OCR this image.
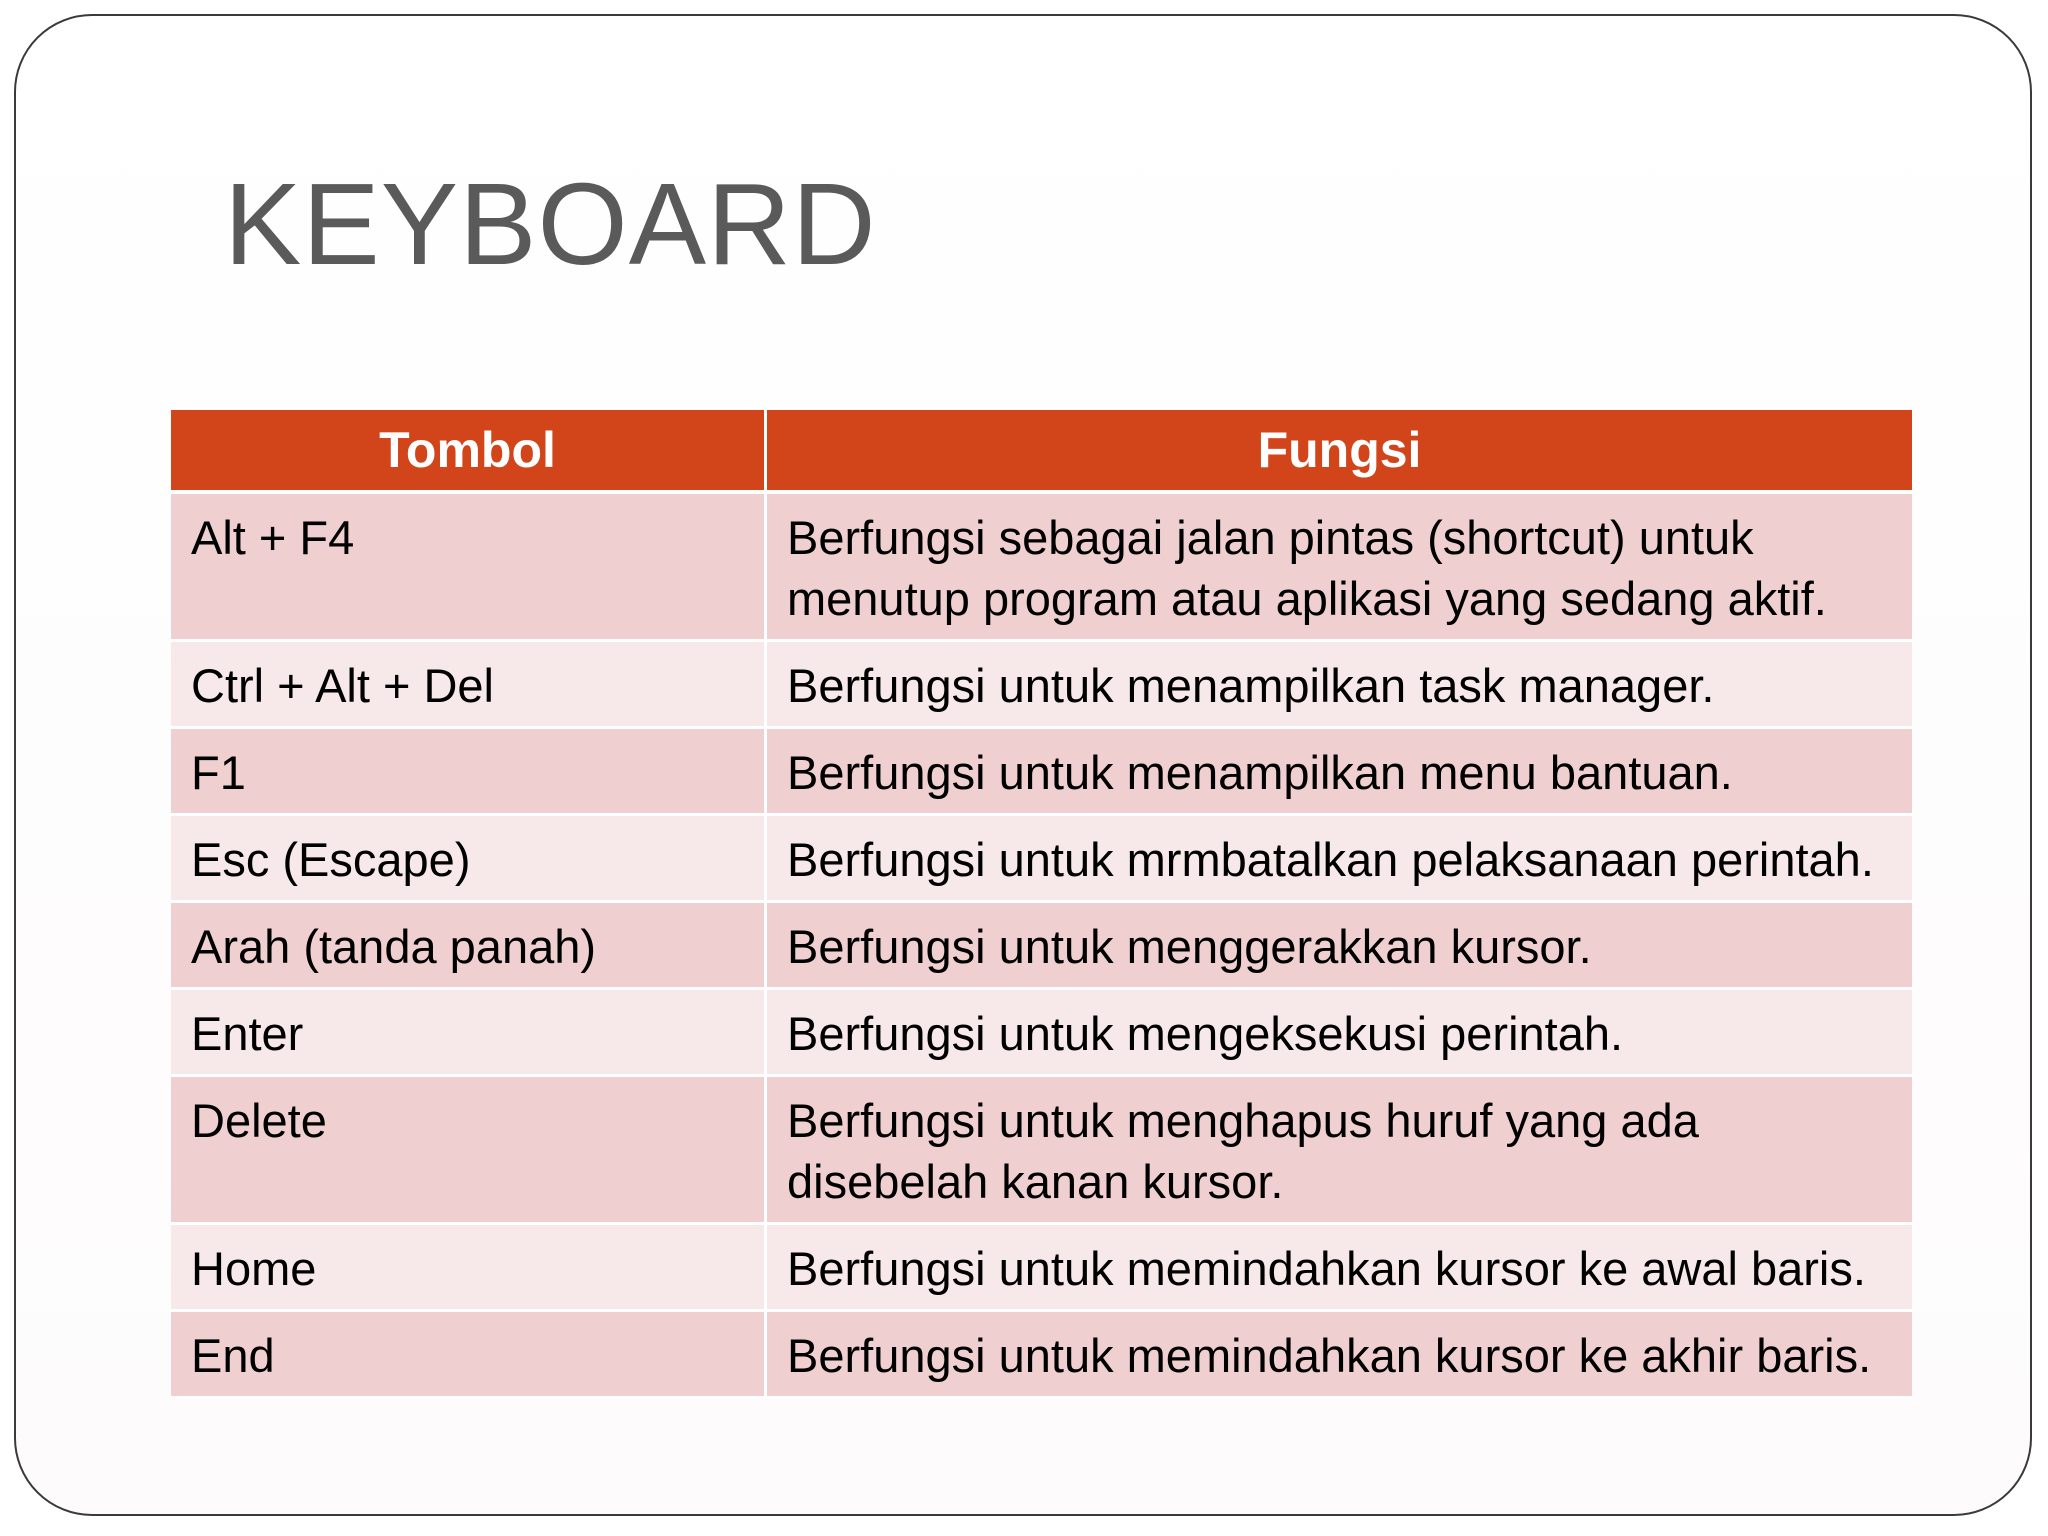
KEYBOARD
Tombol	Fungsi
Alt + F4	Berfungsi sebagai jalan pintas (shortcut) untuk menutup program atau aplikasi yang sedang aktif.
Ctrl + Alt + Del	Berfungsi untuk menampilkan task manager.
F1	Berfungsi untuk menampilkan menu bantuan.
Esc (Escape)	Berfungsi untuk mrmbatalkan pelaksanaan perintah.
Arah (tanda panah)	Berfungsi untuk menggerakkan kursor.
Enter	Berfungsi untuk mengeksekusi perintah.
Delete	Berfungsi untuk menghapus huruf yang ada disebelah kanan kursor.
Home	Berfungsi untuk memindahkan kursor ke awal baris.
End	Berfungsi untuk memindahkan kursor ke akhir baris.
